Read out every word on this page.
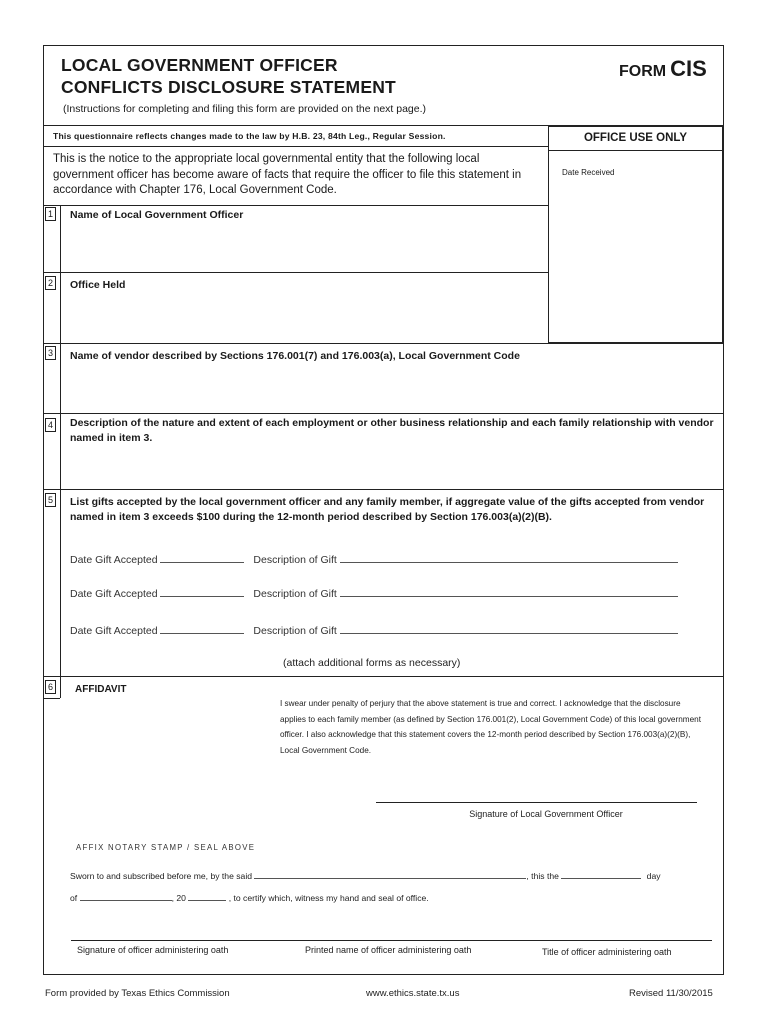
LOCAL GOVERNMENT OFFICER
CONFLICTS DISCLOSURE STATEMENT
FORM CIS
(Instructions for completing and filing this form are provided on the next page.)
This questionnaire reflects changes made to the law by H.B. 23, 84th Leg., Regular Session.	OFFICE USE ONLY
Date Received
This is the notice to the appropriate local governmental entity that the following local government officer has become aware of facts that require the officer to file this statement in accordance with Chapter 176, Local Government Code.
1 Name of Local Government Officer
2 Office Held
3 Name of vendor described by Sections 176.001(7) and 176.003(a), Local Government Code
4 Description of the nature and extent of each employment or other business relationship and each family relationship with vendor named in item 3.
5 List gifts accepted by the local government officer and any family member, if aggregate value of the gifts accepted from vendor named in item 3 exceeds $100 during the 12-month period described by Section 176.003(a)(2)(B).
Date Gift Accepted	Description of Gift
Date Gift Accepted	Description of Gift
Date Gift Accepted	Description of Gift
(attach additional forms as necessary)
6	AFFIDAVIT
I swear under penalty of perjury that the above statement is true and correct. I acknowledge that the disclosure applies to each family member (as defined by Section 176.001(2), Local Government Code) of this local government officer. I also acknowledge that this statement covers the 12-month period described by Section 176.003(a)(2)(B), Local Government Code.
Signature of Local Government Officer
AFFIX NOTARY STAMP / SEAL ABOVE
Sworn to and subscribed before me, by the said	, this the	day
of	, 20	, to certify which, witness my hand and seal of office.
Signature of officer administering oath	Printed name of officer administering oath	Title of officer administering oath
Form provided by Texas Ethics Commission	www.ethics.state.tx.us	Revised 11/30/2015
